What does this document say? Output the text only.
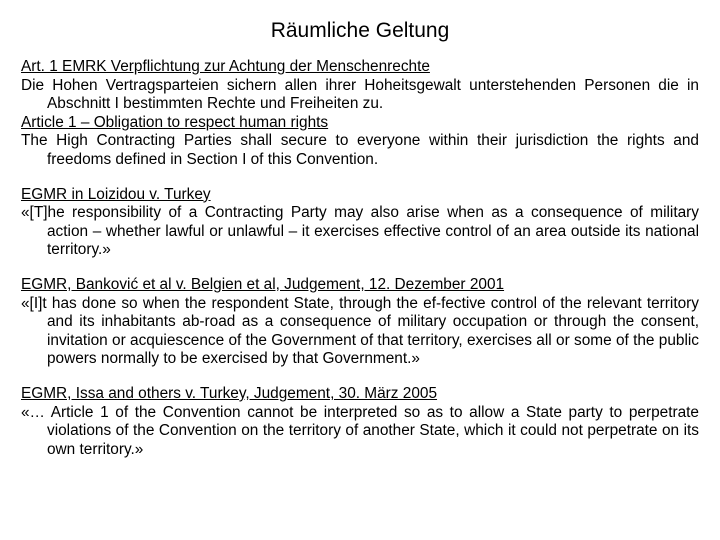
Räumliche Geltung

Art. 1 EMRK Verpflichtung zur Achtung der Menschenrechte

Die Hohen Vertragsparteien sichern allen ihrer Hoheitsgewalt unterstehenden Personen die in Abschnitt I bestimmten Rechte und Freiheiten zu.

Article 1 – Obligation to respect human rights

The High Contracting Parties shall secure to everyone within their jurisdiction the rights and freedoms defined in Section I of this Convention.

EGMR in Loizidou v. Turkey

«[T]he responsibility of a Contracting Party may also arise when as a consequence of military action – whether lawful or unlawful – it exercises effective control of an area outside its national territory.»

EGMR, Banković et al v. Belgien et al, Judgement, 12. Dezember 2001

«[I]t has done so when the respondent State, through the ef-fective control of the relevant territory and its inhabitants ab-road as a consequence of military occupation or through the consent, invitation or acquiescence of the Government of that territory, exercises all or some of the public powers normally to be exercised by that Government.»

EGMR, Issa and others v. Turkey, Judgement, 30. März 2005

«… Article 1 of the Convention cannot be interpreted so as to allow a State party to perpetrate violations of the Convention on the territory of another State, which it could not perpetrate on its own territory.»
